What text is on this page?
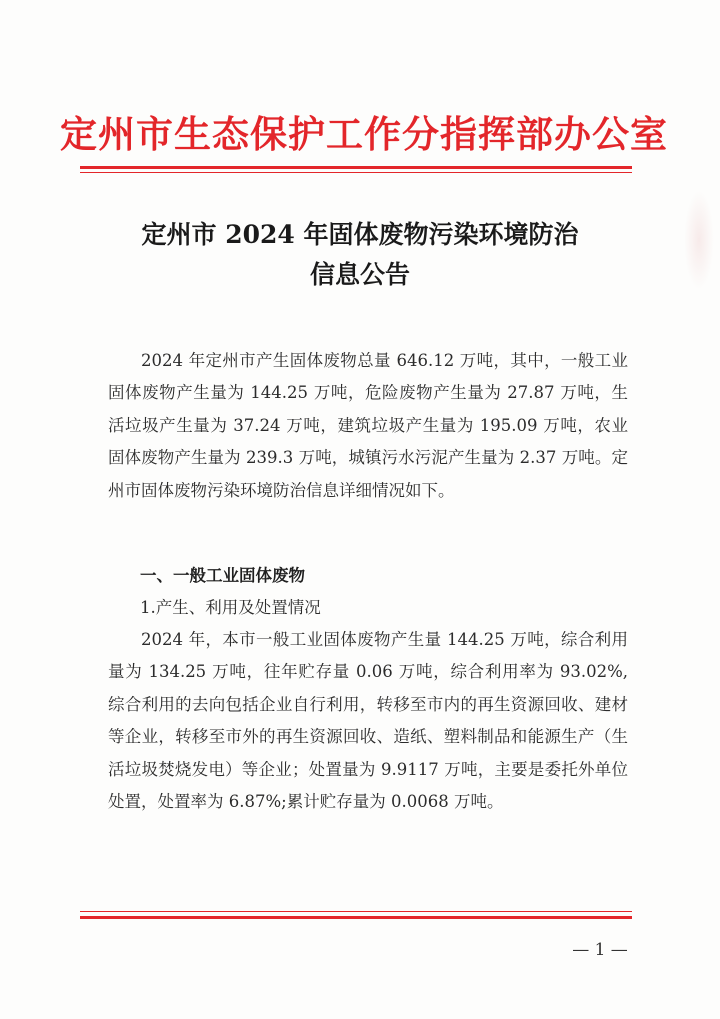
定州市生态保护工作分指挥部办公室
定州市 2024 年固体废物污染环境防治
信息公告

2024 年定州市产生固体废物总量 646.12 万吨，其中，一般工业固体废物产生量为 144.25 万吨，危险废物产生量为 27.87 万吨，生活垃圾产生量为 37.24 万吨，建筑垃圾产生量为 195.09 万吨，农业固体废物产生量为 239.3 万吨，城镇污水污泥产生量为 2.37 万吨。定州市固体废物污染环境防治信息详细情况如下。

一、一般工业固体废物
1.产生、利用及处置情况

2024 年，本市一般工业固体废物产生量 144.25 万吨，综合利用量为 134.25 万吨，往年贮存量 0.06 万吨，综合利用率为 93.02%, 综合利用的去向包括企业自行利用，转移至市内的再生资源回收、建材等企业，转移至市外的再生资源回收、造纸、塑料制品和能源生产（生活垃圾焚烧发电）等企业；处置量为 9.9117 万吨，主要是委托外单位处置，处置率为 6.87%;累计贮存量为 0.0068 万吨。

— 1 —
